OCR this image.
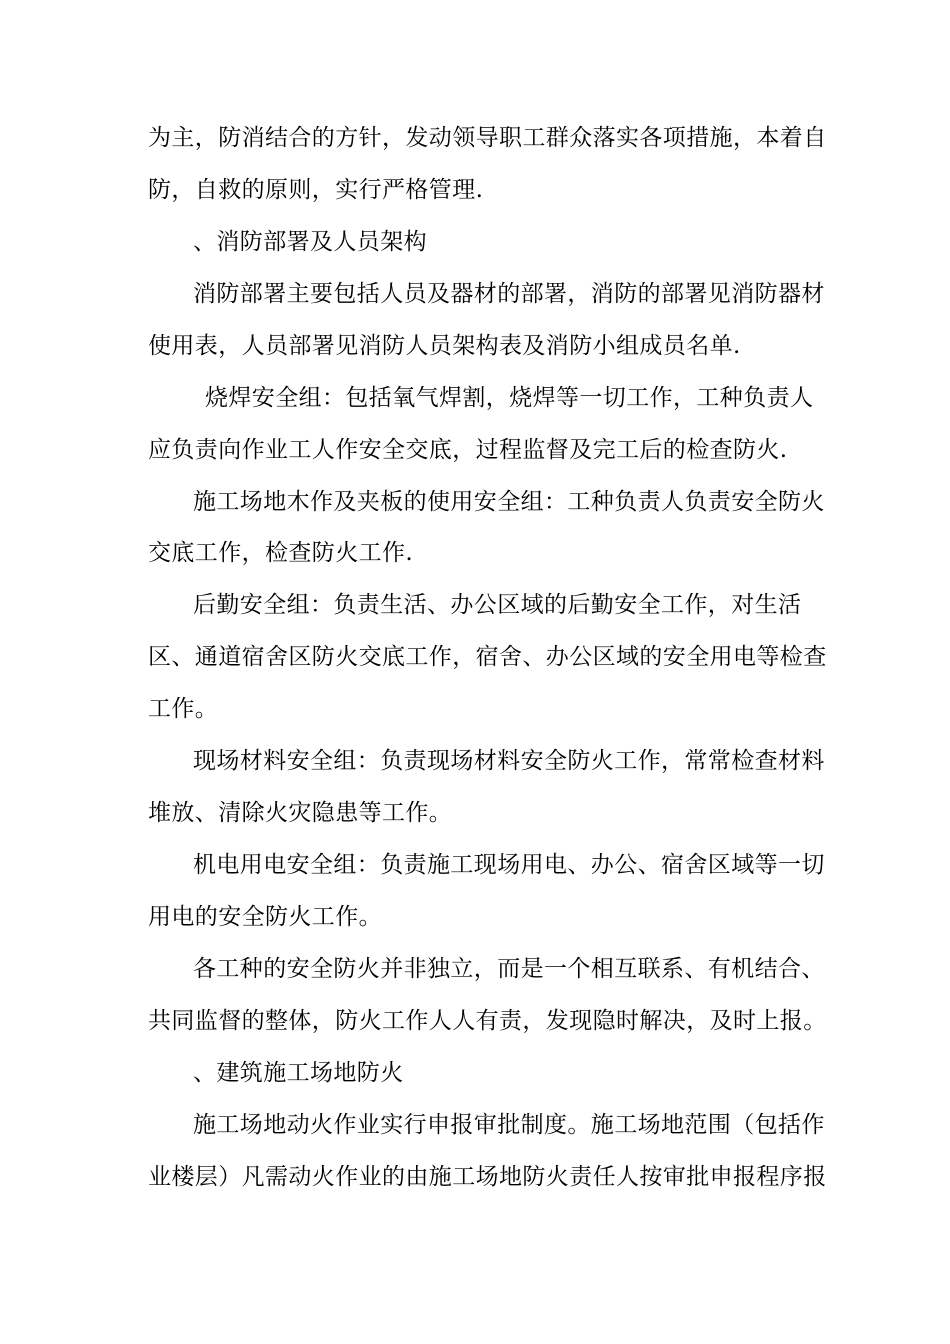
为主，防消结合的方针，发动领导职工群众落实各项措施，本着自
防，自救的原则，实行严格管理.
、消防部署及人员架构
消防部署主要包括人员及器材的部署，消防的部署见消防器材
使用表，人员部署见消防人员架构表及消防小组成员名单.
烧焊安全组：包括氧气焊割，烧焊等一切工作，工种负责人
应负责向作业工人作安全交底，过程监督及完工后的检查防火.
施工场地木作及夹板的使用安全组：工种负责人负责安全防火
交底工作，检查防火工作.
后勤安全组：负责生活、办公区域的后勤安全工作，对生活
区、通道宿舍区防火交底工作，宿舍、办公区域的安全用电等检查
工作。
现场材料安全组：负责现场材料安全防火工作，常常检查材料
堆放、清除火灾隐患等工作。
机电用电安全组：负责施工现场用电、办公、宿舍区域等一切
用电的安全防火工作。
各工种的安全防火并非独立，而是一个相互联系、有机结合、
共同监督的整体，防火工作人人有责，发现隐时解决，及时上报。
、建筑施工场地防火
施工场地动火作业实行申报审批制度。施工场地范围（包括作
业楼层）凡需动火作业的由施工场地防火责任人按审批申报程序报
